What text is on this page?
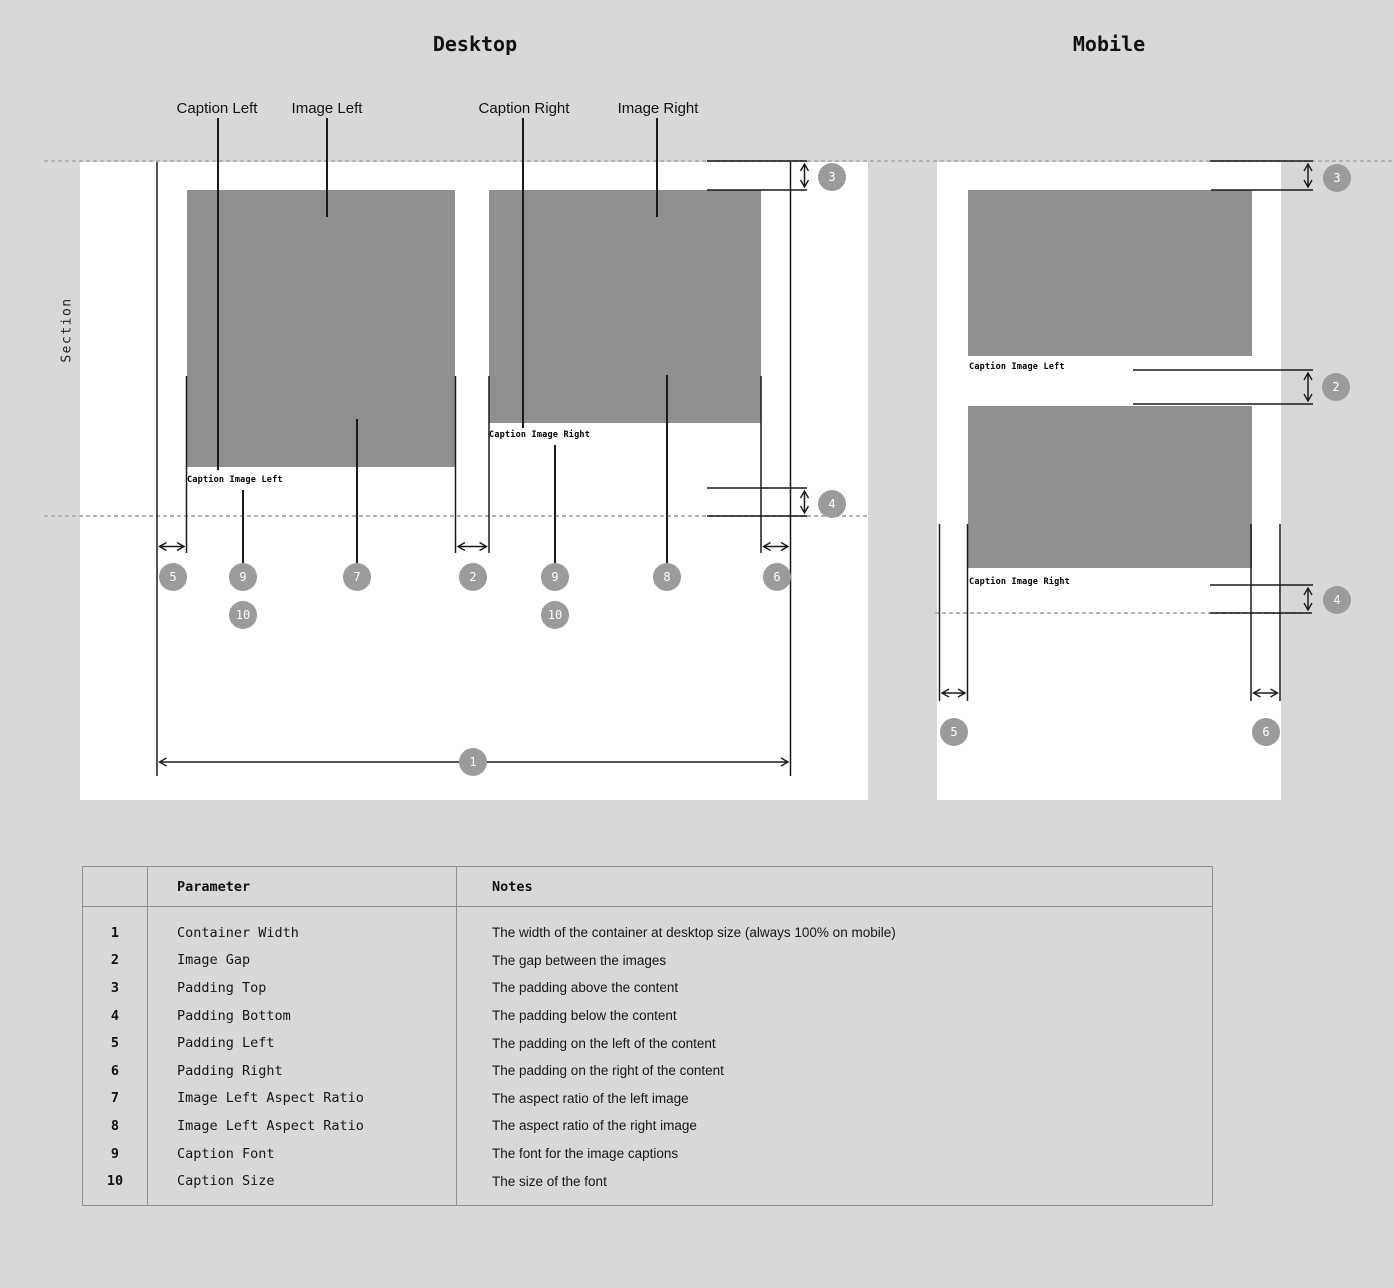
Desktop	Mobile
Caption Left Image Left	Caption Right	Image Right
Section
Caption Image Left
Caption Image Right
Caption Image Left
Caption Image Right
3
4
5	9
10
7	2	9
10
8	6
1
3
2
4
5	6
Parameter	Notes
1	Container Width	The width of the container at desktop size (always 100% on mobile)
2	Image Gap	The gap between the images
3	Padding Top	The padding above the content
4	Padding Bottom	The padding below the content
5	Padding Left	The padding on the left of the content
6	Padding Right	The padding on the right of the content
7	Image Left Aspect Ratio	The aspect ratio of the left image
8	Image Left Aspect Ratio	The aspect ratio of the right image
9	Caption Font	The font for the image captions
10	Caption Size	The size of the font
